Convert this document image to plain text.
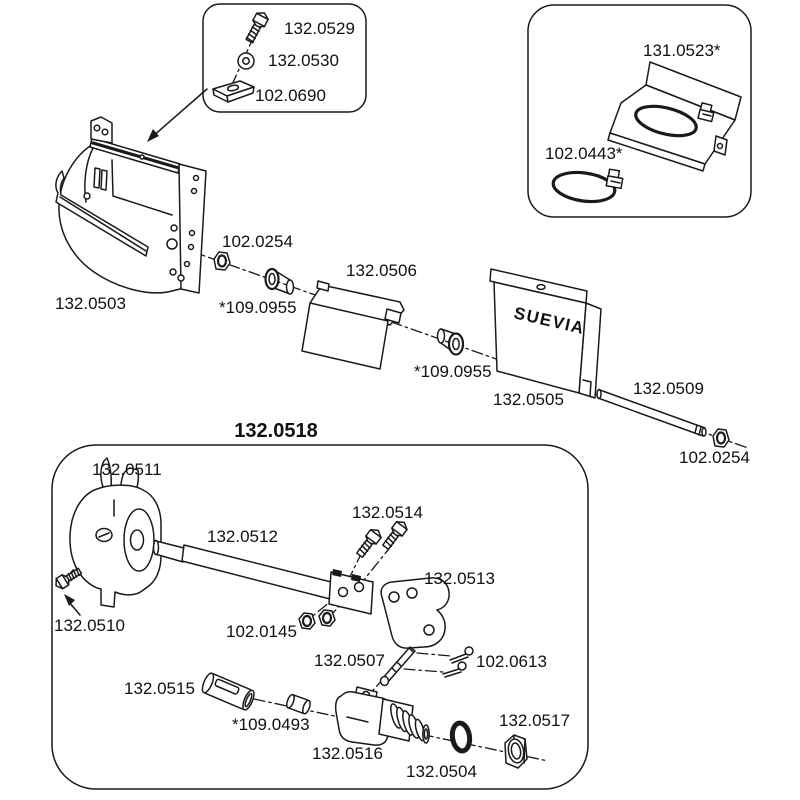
132.0529
132.0530
102.0690
131.0523*
102.0443*
132.0503
102.0254
*109.0955
132.0506
*109.0955
SUEVIA
132.0505
132.0509
102.0254
132.0518
132.0511
132.0510
132.0512
132.0514
132.0513
102.0145
132.0507	102.0613
132.0515
*109.0493
132.0516
132.0504
132.0517
